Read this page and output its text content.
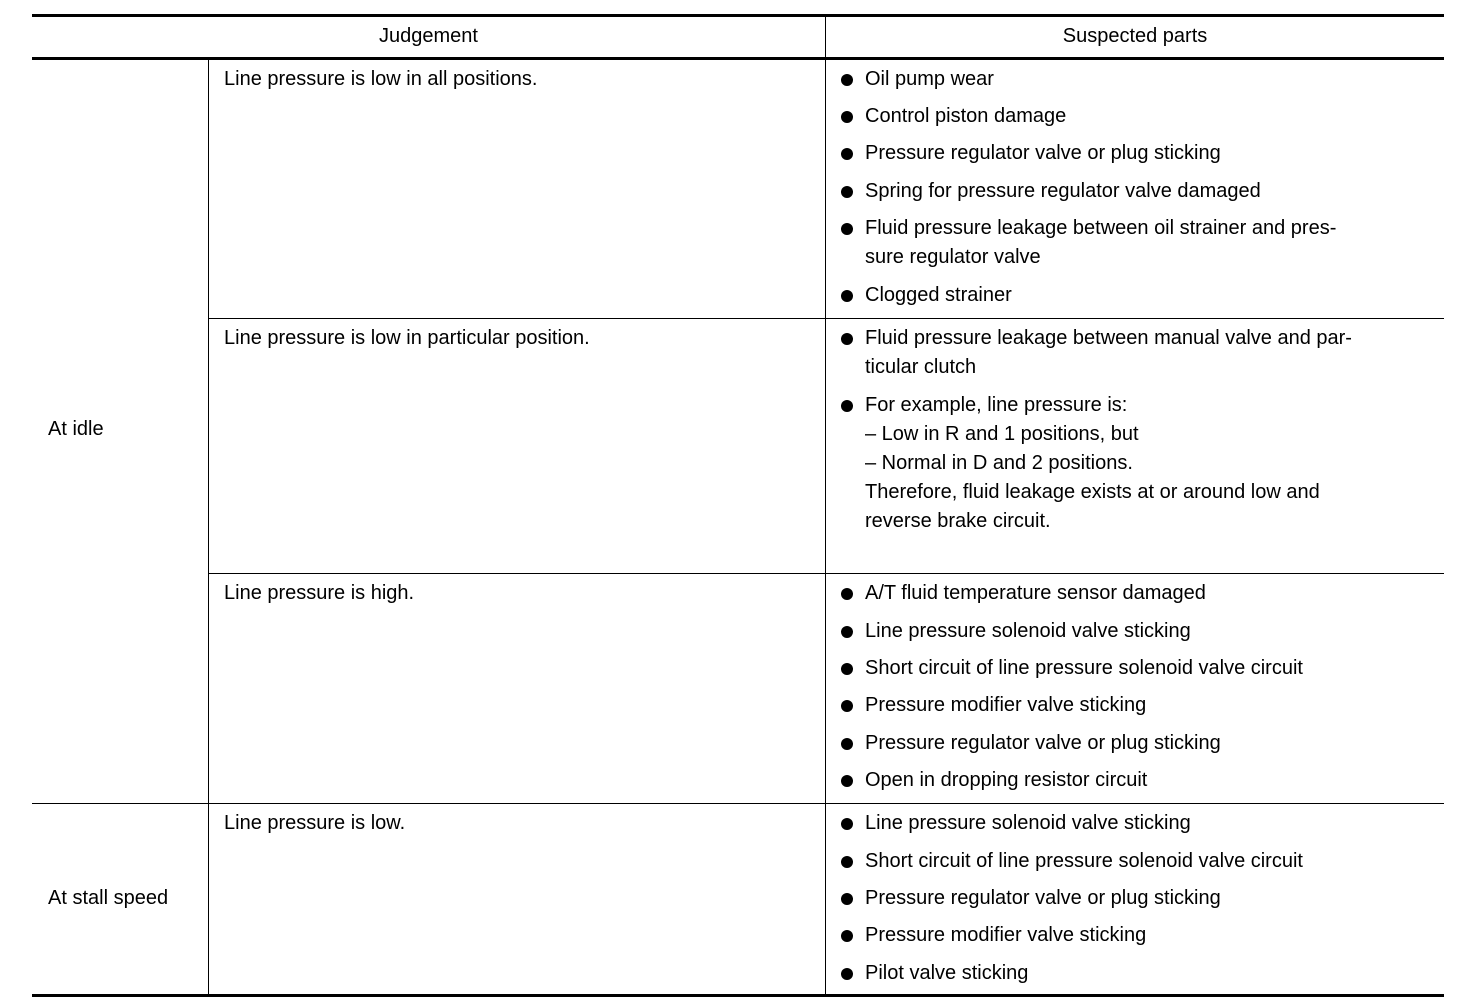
Judgement	Suspected parts
At idle
At stall speed
Line pressure is low in all positions.
Line pressure is low in particular position.
Line pressure is high.
Line pressure is low.
Oil pump wear
Control piston damage
Pressure regulator valve or plug sticking
Spring for pressure regulator valve damaged
Fluid pressure leakage between oil strainer and pres-
sure regulator valve
Clogged strainer
Fluid pressure leakage between manual valve and par-
ticular clutch
For example, line pressure is:
– Low in R and 1 positions, but
– Normal in D and 2 positions.
Therefore, fluid leakage exists at or around low and
reverse brake circuit.
A/T fluid temperature sensor damaged
Line pressure solenoid valve sticking
Short circuit of line pressure solenoid valve circuit
Pressure modifier valve sticking
Pressure regulator valve or plug sticking
Open in dropping resistor circuit
Line pressure solenoid valve sticking
Short circuit of line pressure solenoid valve circuit
Pressure regulator valve or plug sticking
Pressure modifier valve sticking
Pilot valve sticking
